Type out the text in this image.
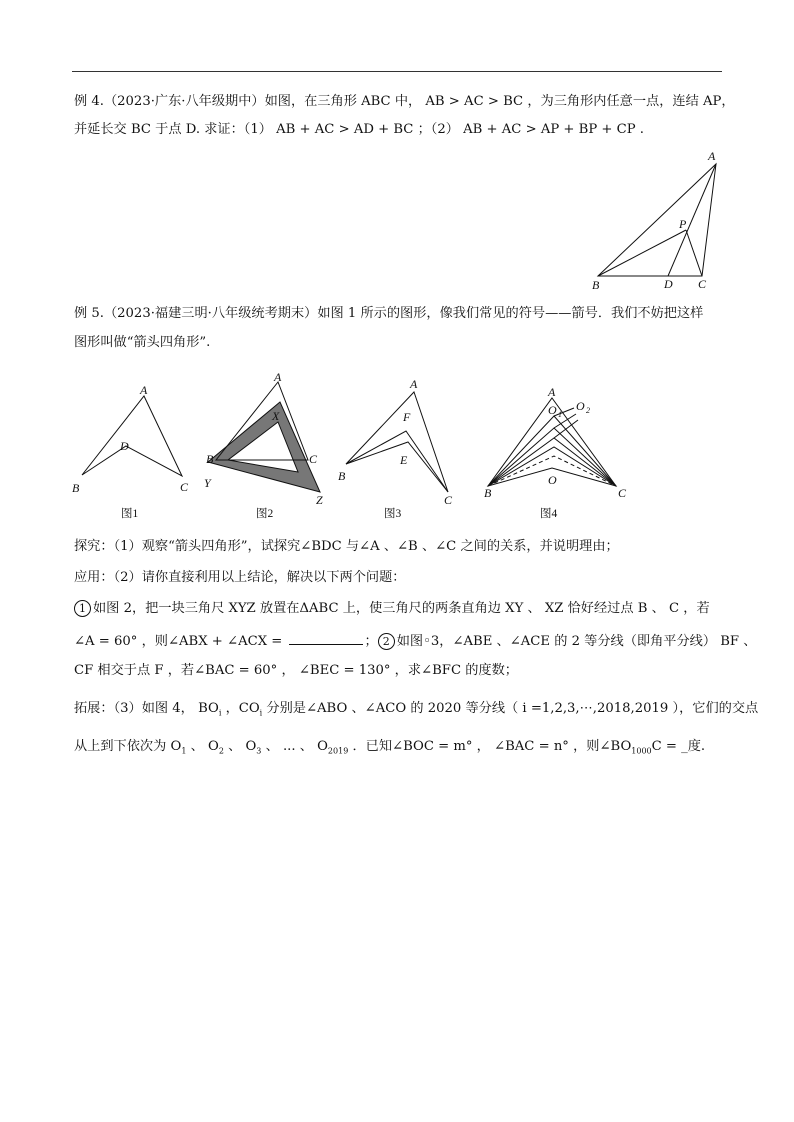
例 4.（2023·广东·八年级期中）如图，在三角形 ABC 中， AB > AC > BC ，为三角形内任意一点，连结 AP，
并延长交 BC 于点 D. 求证：（1） AB + AC > AD + BC ；（2） AB + AC > AP + BP + CP .
A
B	C
D
P
例 5.（2023·福建三明·八年级统考期末）如图 1 所示的图形，像我们常见的符号——箭号．我们不妨把这样
图形叫做“箭头四角形”.
A
D
B	C
图1
A
X
B	C
Y
Z
图2
A
F
E
B
C
图3
A
O 1
O 2
O
B	C
图4
探究：（1）观察“箭头四角形”，试探究∠BDC 与∠A 、∠B 、∠C 之间的关系，并说明理由；
应用：（2）请你直接利用以上结论，解决以下两个问题：
1 如图 2，把一块三角尺 XYZ 放置在ΔABC 上，使三角尺的两条直角边 XY 、 XZ 恰好经过点 B 、 C ，若
∠A = 60° ，则∠ABX + ∠ACX =	； 2 如图◦3，∠ABE 、∠ACE 的 2 等分线（即角平分线） BF 、
CF 相交于点 F ，若∠BAC = 60° ， ∠BEC = 130° ，求∠BFC 的度数；
拓展：（3）如图 4， $BO_i$ ，$CO_i$ 分别是∠ABO 、∠ACO 的 2020 等分线（ i =1,2,3,⋯,2018,2019 ），它们的交点
从上到下依次为 $O_1$ 、 $O_2$ 、 $O_3$ 、 ... 、 $O_{2019}$ ．已知∠BOC = m° ， ∠BAC = n° ，则$\angle BO_{1000}C$ = _度.
